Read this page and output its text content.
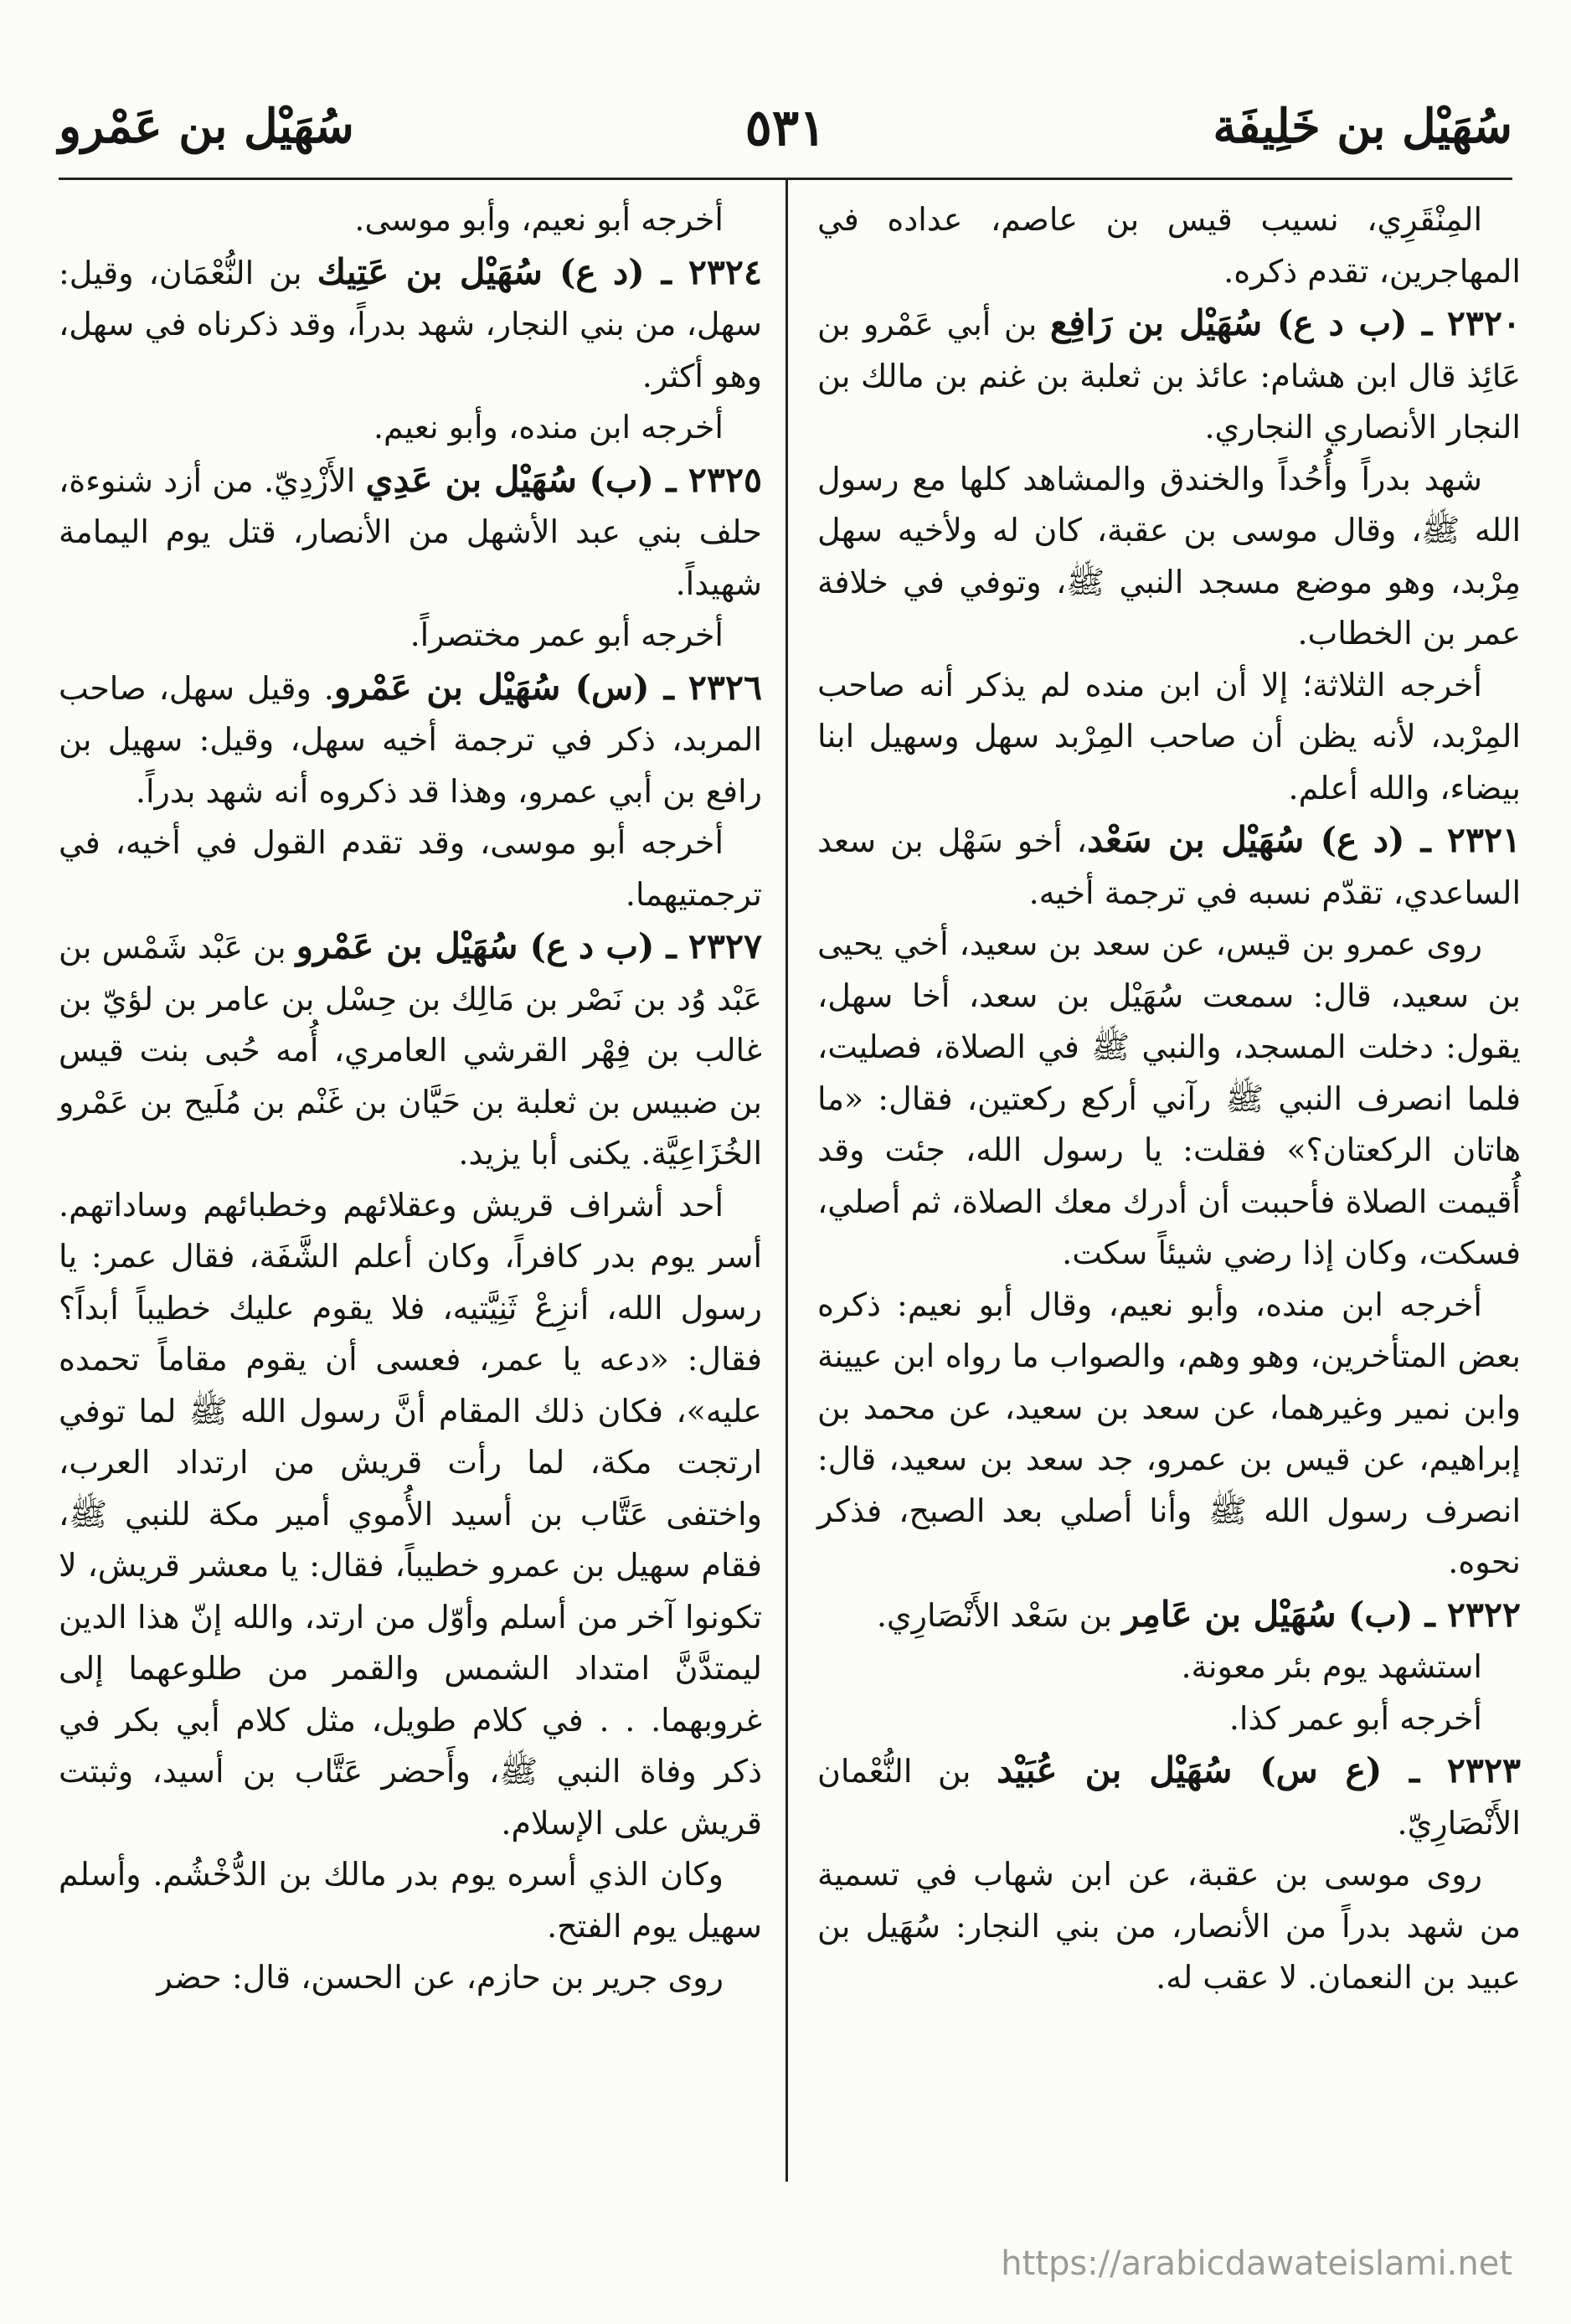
سُهَيْل بن خَلِيفَة
٥٣١
سُهَيْل بن عَمْرو

المِنْقَرِي، نسيب قيس بن عاصم، عداده في المهاجرين، تقدم ذكره.

٢٣٢٠ ـ (ب د ع) سُهَيْل بن رَافِع بن أبي عَمْرو بن عَائِذ قال ابن هشام: عائذ بن ثعلبة بن غنم بن مالك بن النجار الأنصاري النجاري.

شهد بدراً وأُحُداً والخندق والمشاهد كلها مع رسول الله ﷺ، وقال موسى بن عقبة، كان له ولأخيه سهل مِرْبد، وهو موضع مسجد النبي ﷺ، وتوفي في خلافة عمر بن الخطاب.

أخرجه الثلاثة؛ إلا أن ابن منده لم يذكر أنه صاحب المِرْبد، لأنه يظن أن صاحب المِرْبد سهل وسهيل ابنا بيضاء، والله أعلم.

٢٣٢١ ـ (د ع) سُهَيْل بن سَعْد، أخو سَهْل بن سعد الساعدي، تقدّم نسبه في ترجمة أخيه.

روى عمرو بن قيس، عن سعد بن سعيد، أخي يحيى بن سعيد، قال: سمعت سُهَيْل بن سعد، أخا سهل، يقول: دخلت المسجد، والنبي ﷺ في الصلاة، فصليت، فلما انصرف النبي ﷺ رآني أركع ركعتين، فقال: «ما هاتان الركعتان؟» فقلت: يا رسول الله، جئت وقد أُقيمت الصلاة فأحببت أن أدرك معك الصلاة، ثم أصلي، فسكت، وكان إذا رضي شيئاً سكت.

أخرجه ابن منده، وأبو نعيم، وقال أبو نعيم: ذكره بعض المتأخرين، وهو وهم، والصواب ما رواه ابن عيينة وابن نمير وغيرهما، عن سعد بن سعيد، عن محمد بن إبراهيم، عن قيس بن عمرو، جد سعد بن سعيد، قال: انصرف رسول الله ﷺ وأنا أصلي بعد الصبح، فذكر نحوه.

٢٣٢٢ ـ (ب) سُهَيْل بن عَامِر بن سَعْد الأَنْصَارِي.

استشهد يوم بئر معونة.

أخرجه أبو عمر كذا.

٢٣٢٣ ـ (ع س) سُهَيْل بن عُبَيْد بن النُّعْمان الأَنْصَارِيّ.

روى موسى بن عقبة، عن ابن شهاب في تسمية من شهد بدراً من الأنصار، من بني النجار: سُهَيل بن عبيد بن النعمان. لا عقب له.

أخرجه أبو نعيم، وأبو موسى.

٢٣٢٤ ـ (د ع) سُهَيْل بن عَتِيك بن النُّعْمَان، وقيل: سهل، من بني النجار، شهد بدراً، وقد ذكرناه في سهل، وهو أكثر.

أخرجه ابن منده، وأبو نعيم.

٢٣٢٥ ـ (ب) سُهَيْل بن عَدِي الأَزْدِيّ. من أزد شنوءة، حلف بني عبد الأشهل من الأنصار، قتل يوم اليمامة شهيداً.

أخرجه أبو عمر مختصراً.

٢٣٢٦ ـ (س) سُهَيْل بن عَمْرو. وقيل سهل، صاحب المربد، ذكر في ترجمة أخيه سهل، وقيل: سهيل بن رافع بن أبي عمرو، وهذا قد ذكروه أنه شهد بدراً.

أخرجه أبو موسى، وقد تقدم القول في أخيه، في ترجمتيهما.

٢٣٢٧ ـ (ب د ع) سُهَيْل بن عَمْرو بن عَبْد شَمْس بن عَبْد وُد بن نَصْر بن مَالِك بن حِسْل بن عامر بن لؤيّ بن غالب بن فِهْر القرشي العامري، أُمه حُبى بنت قيس بن ضبيس بن ثعلبة بن حَيَّان بن غَنْم بن مُلَيح بن عَمْرو الخُزَاعِيَّة. يكنى أبا يزيد.

أحد أشراف قريش وعقلائهم وخطبائهم وساداتهم. أسر يوم بدر كافراً، وكان أعلم الشَّفَة، فقال عمر: يا رسول الله، أنزِعْ ثَنِيَّتيه، فلا يقوم عليك خطيباً أبداً؟ فقال: «دعه يا عمر، فعسى أن يقوم مقاماً تحمده عليه»، فكان ذلك المقام أنَّ رسول الله ﷺ لما توفي ارتجت مكة، لما رأت قريش من ارتداد العرب، واختفى عَتَّاب بن أسيد الأُموي أمير مكة للنبي ﷺ، فقام سهيل بن عمرو خطيباً، فقال: يا معشر قريش، لا تكونوا آخر من أسلم وأوّل من ارتد، والله إنّ هذا الدين ليمتدَّنَّ امتداد الشمس والقمر من طلوعهما إلى غروبهما. . . في كلام طويل، مثل كلام أبي بكر في ذكر وفاة النبي ﷺ، وأَحضر عَتَّاب بن أسيد، وثبتت قريش على الإسلام.

وكان الذي أسره يوم بدر مالك بن الدُّخْشُم. وأسلم سهيل يوم الفتح.

روى جرير بن حازم، عن الحسن، قال: حضر

https://arabicdawateislami.net
